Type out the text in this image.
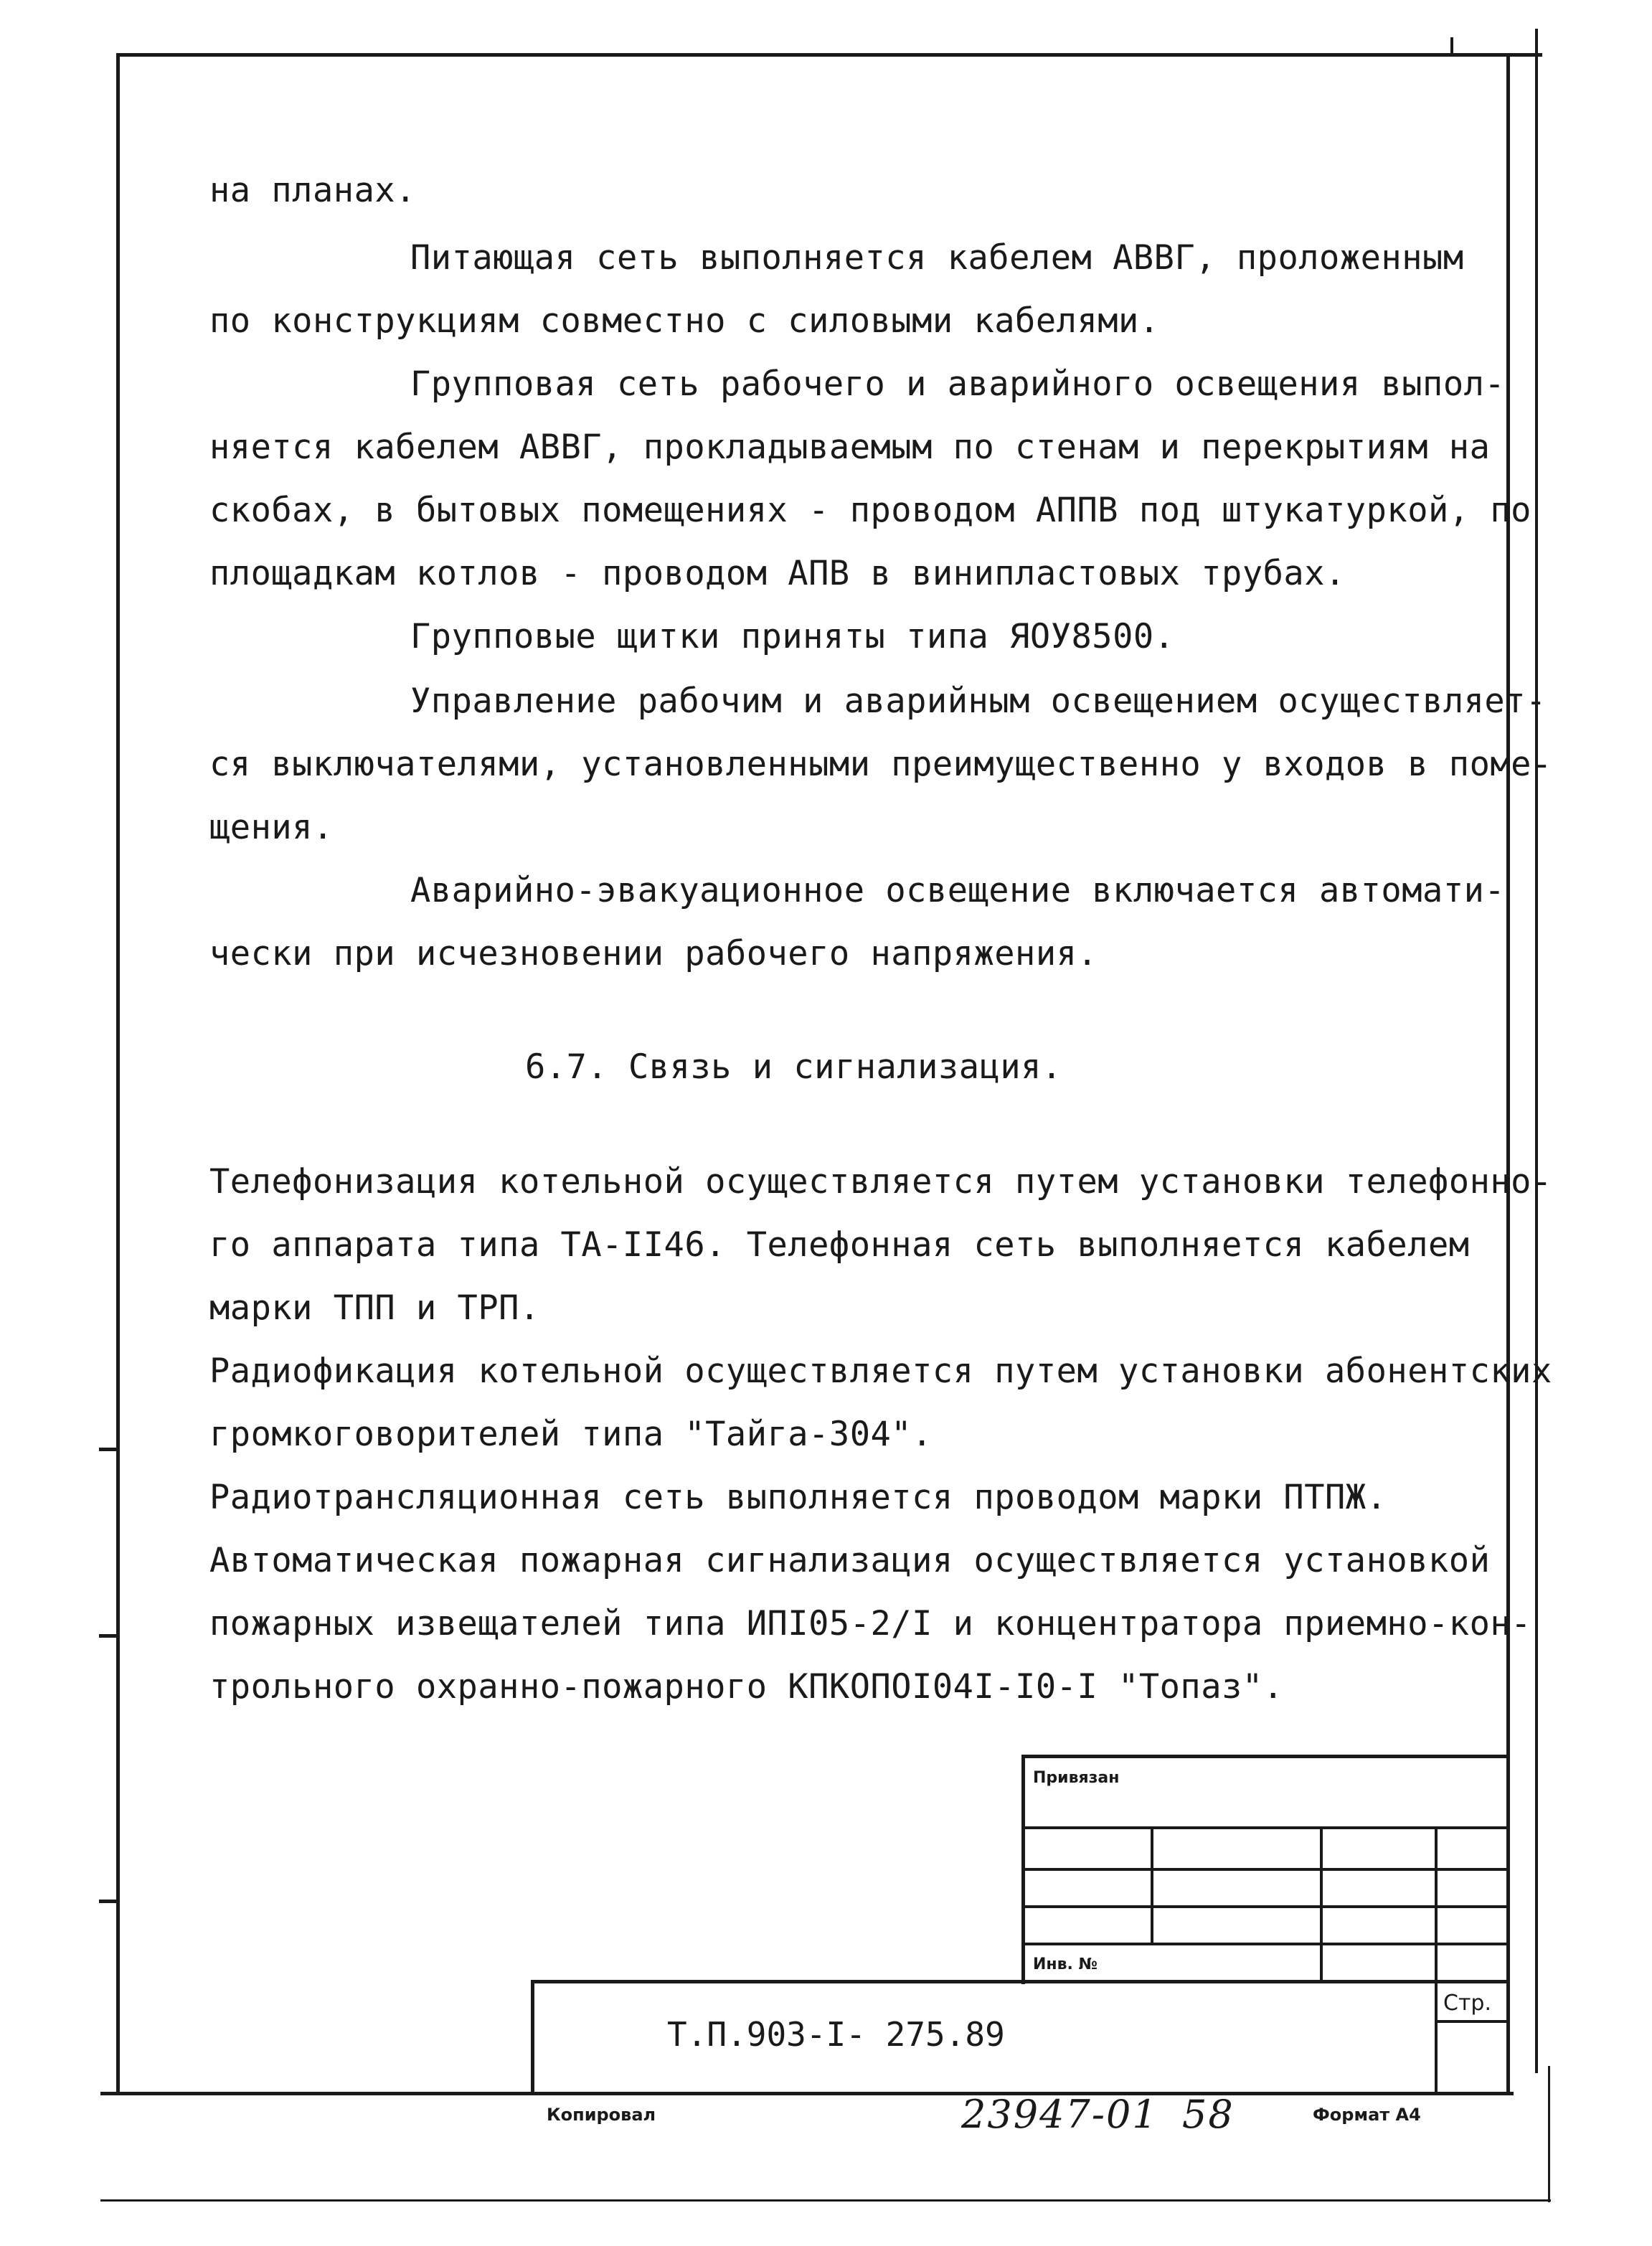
на планах.
Питающая сеть выполняется кабелем АВВГ, проложенным
по конструкциям совместно с силовыми кабелями.
Групповая сеть рабочего и аварийного освещения выпол-
няется кабелем АВВГ, прокладываемым по стенам и перекрытиям на
скобах, в бытовых помещениях - проводом АППВ под штукатуркой, по
площадкам котлов - проводом АПВ в винипластовых трубах.
Групповые щитки приняты типа ЯОУ8500.
Управление рабочим и аварийным освещением осуществляет-
ся выключателями, установленными преимущественно у входов в поме-
щения.
Аварийно-эвакуационное освещение включается автомати-
чески при исчезновении рабочего напряжения.
6.7. Связь и сигнализация.
Телефонизация котельной осуществляется путем установки телефонно-
го аппарата типа ТА-II46. Телефонная сеть выполняется кабелем
марки ТПП и ТРП.
Радиофикация котельной осуществляется путем установки абонентских
громкоговорителей типа "Тайга-304".
Радиотрансляционная сеть выполняется проводом марки ПТПЖ.
Автоматическая пожарная сигнализация осуществляется установкой
пожарных извещателей типа ИПI05-2/I и концентратора приемно-кон-
трольного охранно-пожарного КПКОПОI04I-I0-I "Топаз".
Привязан
Инв. №
Т.П.903-I- 275.89
Стр.
Копировал	23947-01 58	Формат А4
